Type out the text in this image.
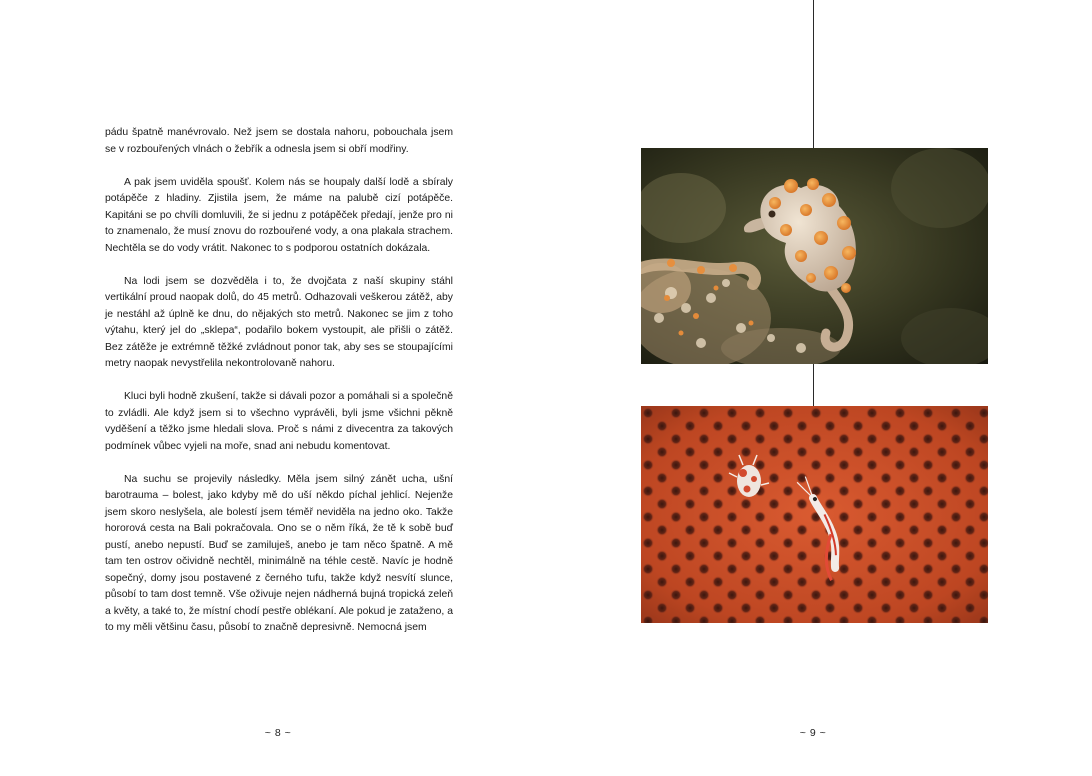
pádu špatně manévrovalo. Než jsem se dostala nahoru, pobouchala jsem se v rozbouřených vlnách o žebřík a odnesla jsem si obří modřiny.

A pak jsem uviděla spoušť. Kolem nás se houpaly další lodě a sbíraly potápěče z hladiny. Zjistila jsem, že máme na palubě cizí potápěče. Kapitáni se po chvíli domluvili, že si jednu z potápěček předají, jenže pro ni to znamenalo, že musí znovu do rozbouřené vody, a ona plakala strachem. Nechtěla se do vody vrátit. Nakonec to s podporou ostatních dokázala.

Na lodi jsem se dozvěděla i to, že dvojčata z naší skupiny stáhl vertikální proud naopak dolů, do 45 metrů. Odhazovali veškerou zátěž, aby je nestáhl až úplně ke dnu, do nějakých sto metrů. Nakonec se jim z toho výtahu, který jel do „sklepa“, podařilo bokem vystoupit, ale přišli o zátěž. Bez zátěže je extrémně těžké zvládnout ponor tak, aby ses se stoupajícími metry naopak nevystřelila nekontrolovaně nahoru.

Kluci byli hodně zkušení, takže si dávali pozor a pomáhali si a společně to zvládli. Ale když jsem si to všechno vyprávěli, byli jsme všichni pěkně vyděšení a těžko jsme hledali slova. Proč s námi z divecentra za takových podmínek vůbec vyjeli na moře, snad ani nebudu komentovat.

Na suchu se projevily následky. Měla jsem silný zánět ucha, ušní barotrauma – bolest, jako kdyby mě do uší někdo píchal jehlicí. Nejenže jsem skoro neslyšela, ale bolestí jsem téměř neviděla na jedno oko. Takže hororová cesta na Bali pokračovala. Ono se o něm říká, že tě k sobě buď pustí, anebo nepustí. Buď se zamiluješ, anebo je tam něco špatně. A mě tam ten ostrov očividně nechtěl, minimálně na téhle cestě. Navíc je hodně sopečný, domy jsou postavené z černého tufu, takže když nesvítí slunce, působí to tam dost temně. Vše oživuje nejen nádherná bujná tropická zeleň a květy, a také to, že místní chodí pestře oblékaní. Ale pokud je zataženo, a to my měli většinu času, působí to značně depresivně. Nemocná jsem

~ 8 ~	~ 9 ~
